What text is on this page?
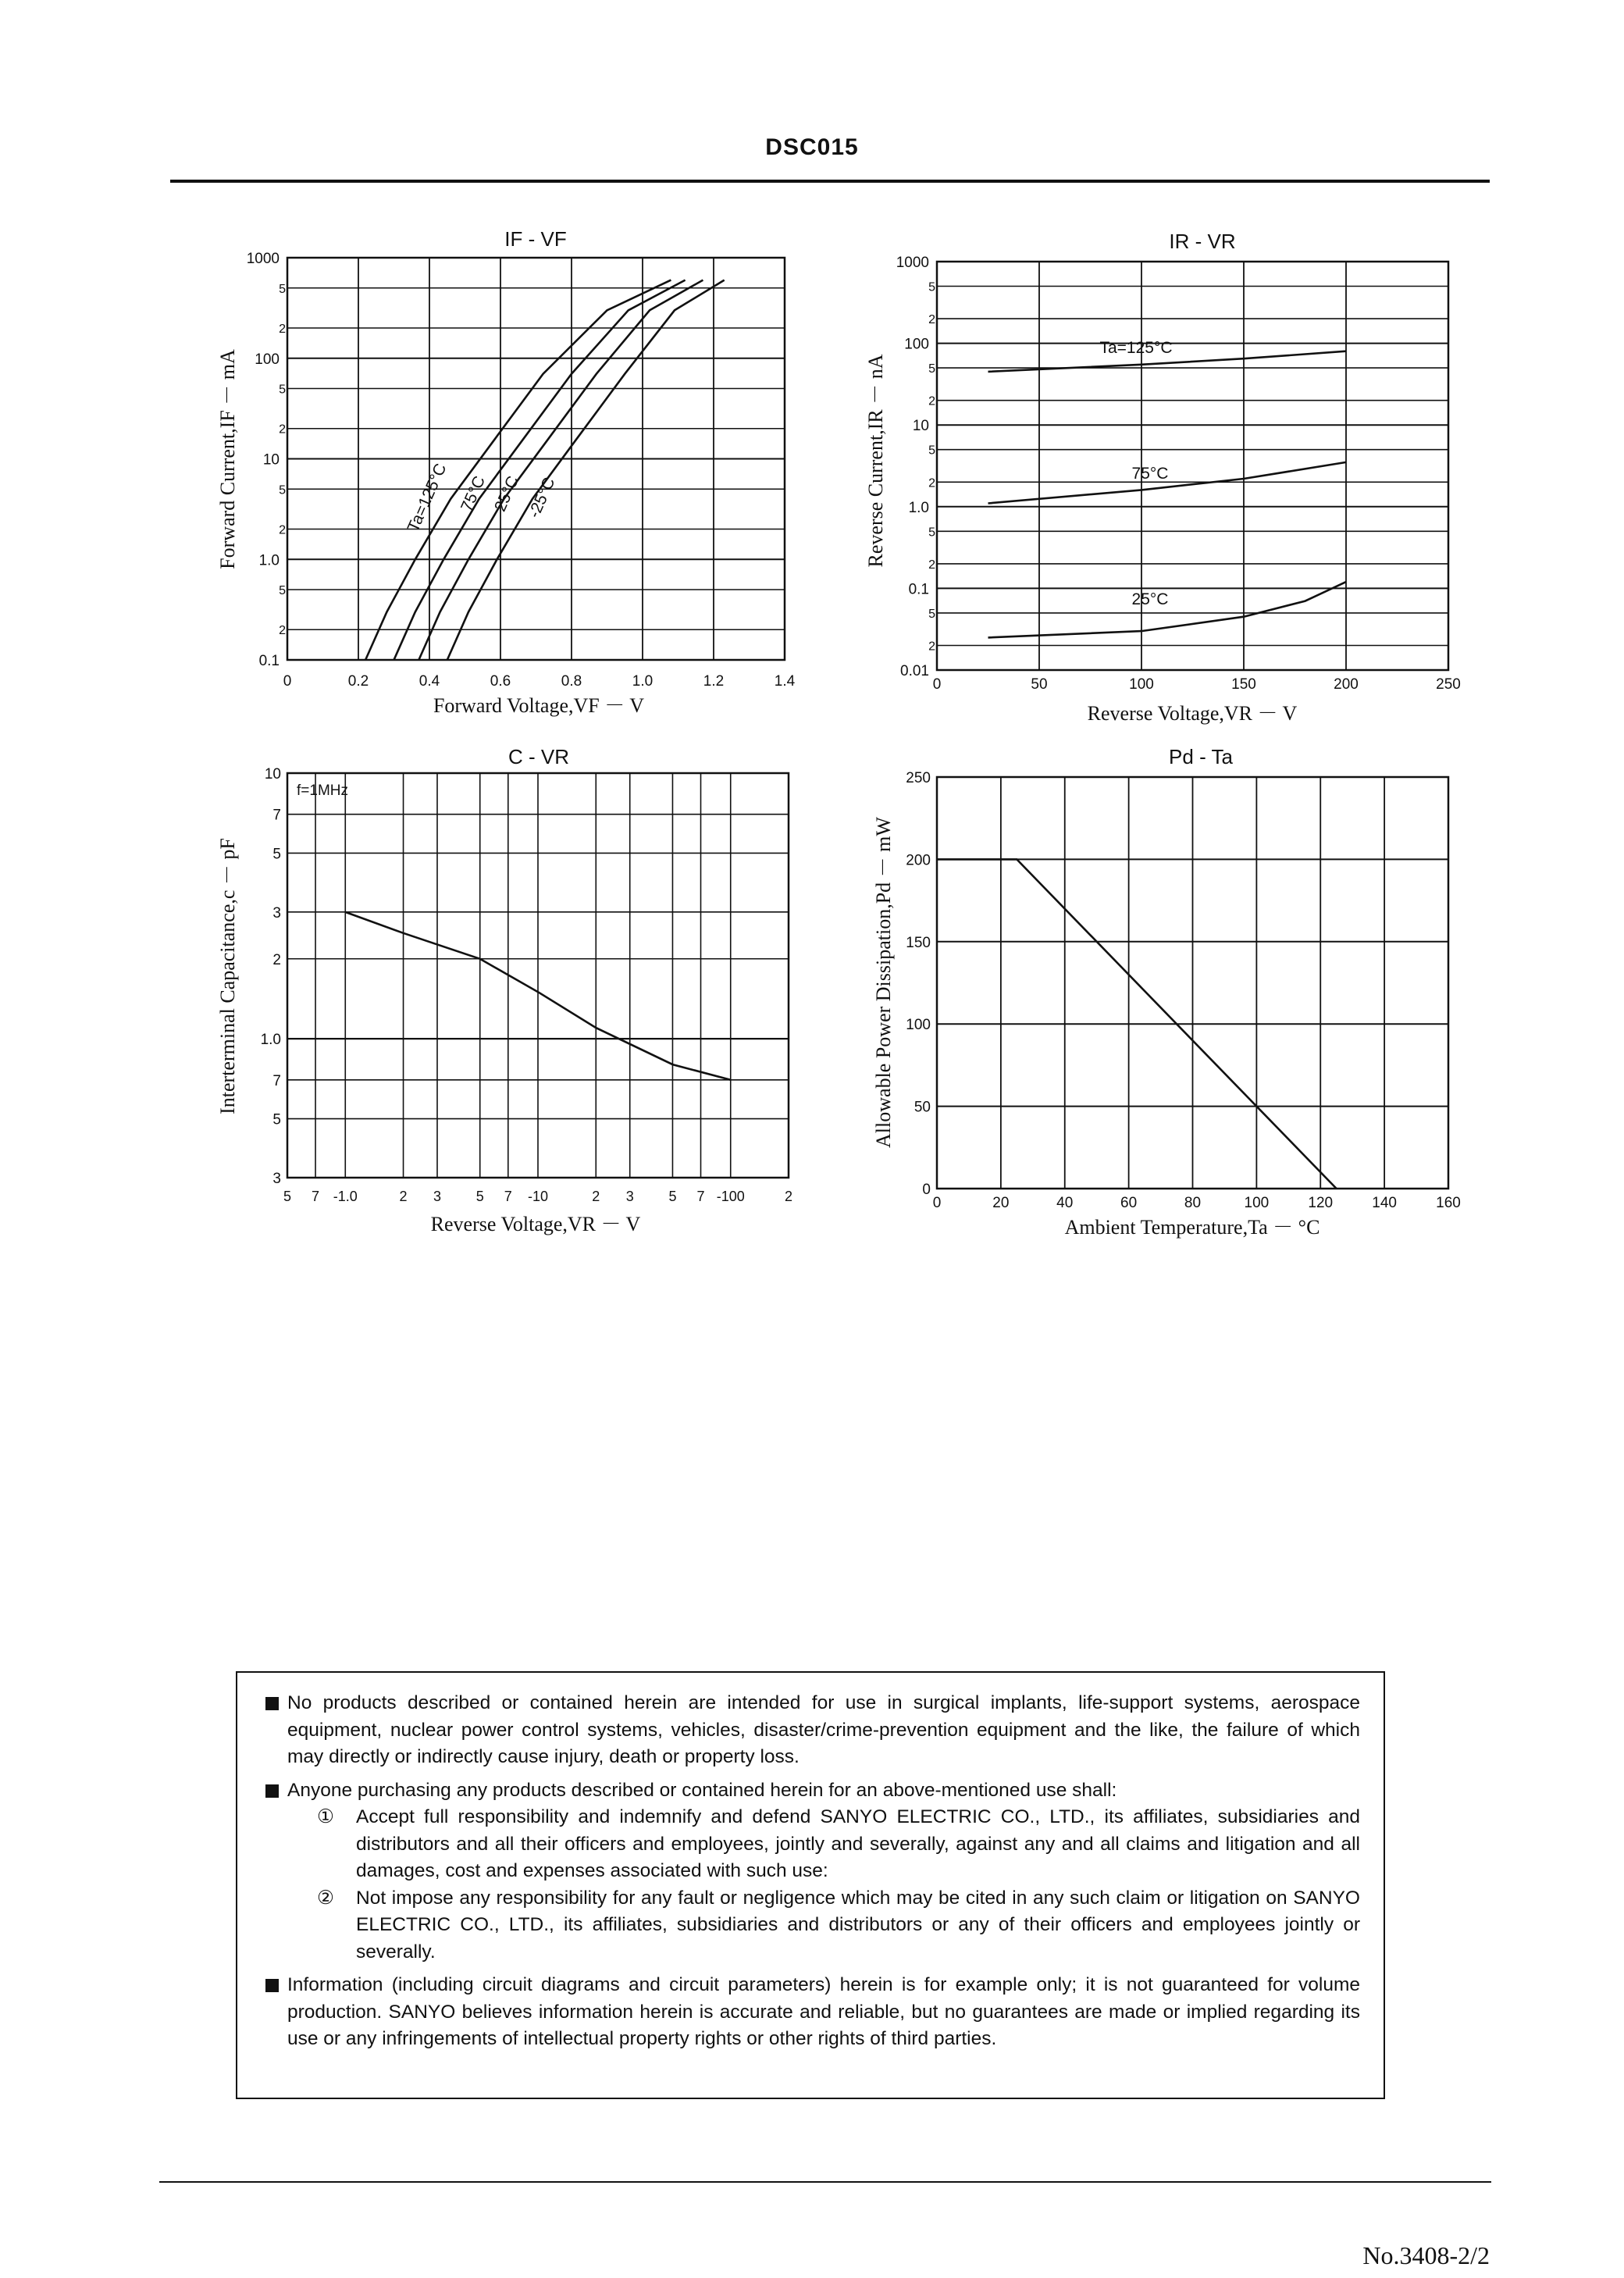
DSC015
0.1
2
5
1.0
2
5
10
2
5
100
2
5
1000
0	0.2	0.4	0.6	0.8	1.0	1.2	1.4
IF - VF
Forward Voltage,VF － V
Forward Current,IF － mA	Ta=125°C 75°C 25°C -25°C
0.01
2
5
0.1
2
5
1.0
2
5
10
2
5
100
2
5
1000
0	50	100	150	200	250
IR - VR
Reverse Voltage,VR － V
Reverse Current,IR － nA
Ta=125°C
75°C
25°C
5 7 -1.0	2 3 5 7 -10	2 3 5 7 -100	2
10
7
5
3
2
1.0
7
5
3
C - VR
f=1MHz
Reverse Voltage,VR － V
Interterminal Capacitance,c － pF
0	20	40	60	80	100	120	140	160
250
200
150
100
50
0
Pd - Ta
Ambient Temperature,Ta － °C
Allowable Power Dissipation,Pd － mW
No products described or contained herein are intended for use in surgical implants, life-support systems, aerospace equipment, nuclear power control systems, vehicles, disaster/crime-prevention equipment and the like, the failure of which may directly or indirectly cause injury, death or property loss.
Anyone purchasing any products described or contained herein for an above-mentioned use shall:
① Accept full responsibility and indemnify and defend SANYO ELECTRIC CO., LTD., its affiliates, subsidiaries and distributors and all their officers and employees, jointly and severally, against any and all claims and litigation and all damages, cost and expenses associated with such use:
② Not impose any responsibility for any fault or negligence which may be cited in any such claim or litigation on SANYO ELECTRIC CO., LTD., its affiliates, subsidiaries and distributors or any of their officers and employees jointly or severally.
Information (including circuit diagrams and circuit parameters) herein is for example only; it is not guaranteed for volume production. SANYO believes information herein is accurate and reliable, but no guarantees are made or implied regarding its use or any infringements of intellectual property rights or other rights of third parties.
No.3408-2/2
